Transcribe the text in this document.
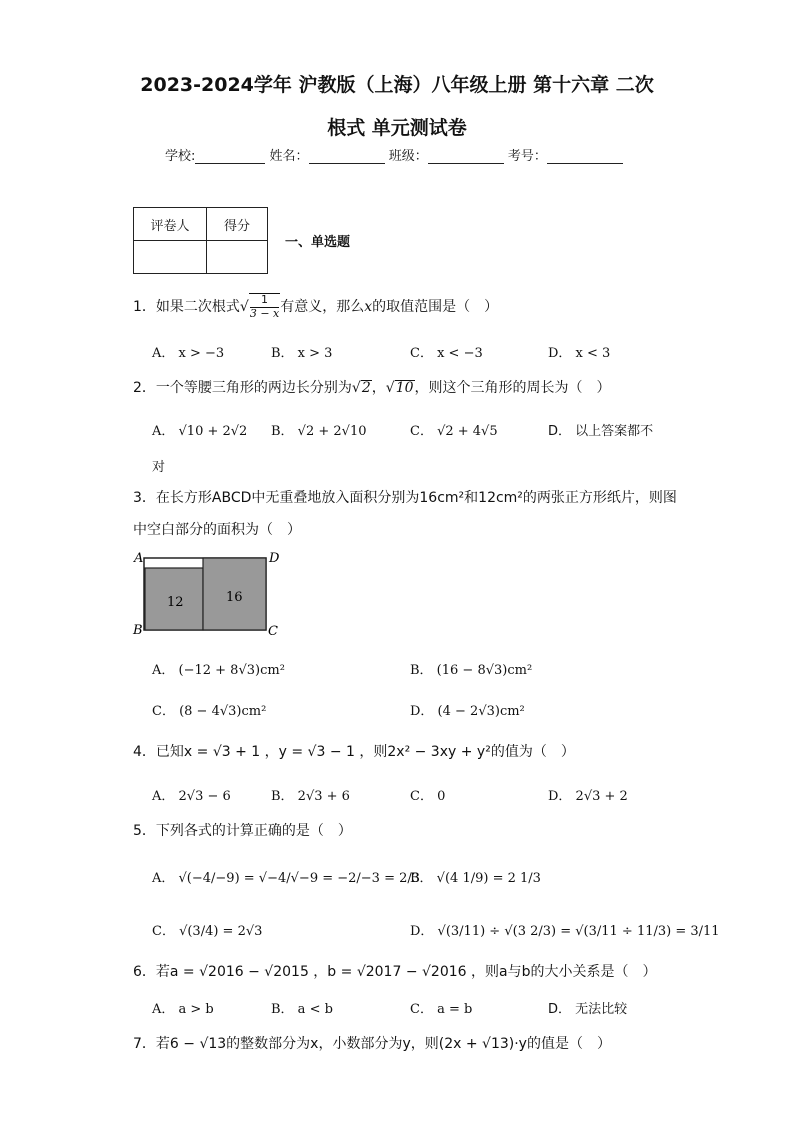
2023-2024学年 沪教版（上海）八年级上册 第十六章 二次
根式 单元测试卷
学校:	姓名：	班级：	考号：
评卷人	得分

一、单选题
1．如果二次根式√ $\frac{1}{3 - x}$ 有意义，那么x的取值范围是（　）
A． x > −3	B． x > 3	C． x < −3	D． x < 3
2．一个等腰三角形的两边长分别为√2，√10，则这个三角形的周长为（　）
A． √10 + 2√2 B． √2 + 2√10	C． √2 + 4√5	D． 以上答案都不
对
3．在长方形ABCD中无重叠地放入面积分别为16cm²和12cm²的两张正方形纸片，则图
中空白部分的面积为（　）
A
B	C
D
12	16
A． (−12 + 8√3)cm²	B． (16 − 8√3)cm²
C． (8 − 4√3)cm²	D． (4 − 2√3)cm²
4．已知x = √3 + 1 ，y = √3 − 1 ，则2x² − 3xy + y²的值为（　）
A． 2√3 − 6	B． 2√3 + 6	C． 0	D． 2√3 + 2
5．下列各式的计算正确的是（　）
A． √(−4/−9) = √−4/√−9 = −2/−3 = 2/3
B． √(4 1/9) = 2 1/3
C． √(3/4) = 2√3	D． √(3/11) ÷ √(3 2/3) = √(3/11 ÷ 11/3) = 3/11
6．若a = √2016 − √2015 ，b = √2017 − √2016 ，则a与b的大小关系是（　）
A． a > b	B． a < b	C． a = b	D． 无法比较
7．若6 − √13的整数部分为x，小数部分为y，则(2x + √13)·y的值是（　）
